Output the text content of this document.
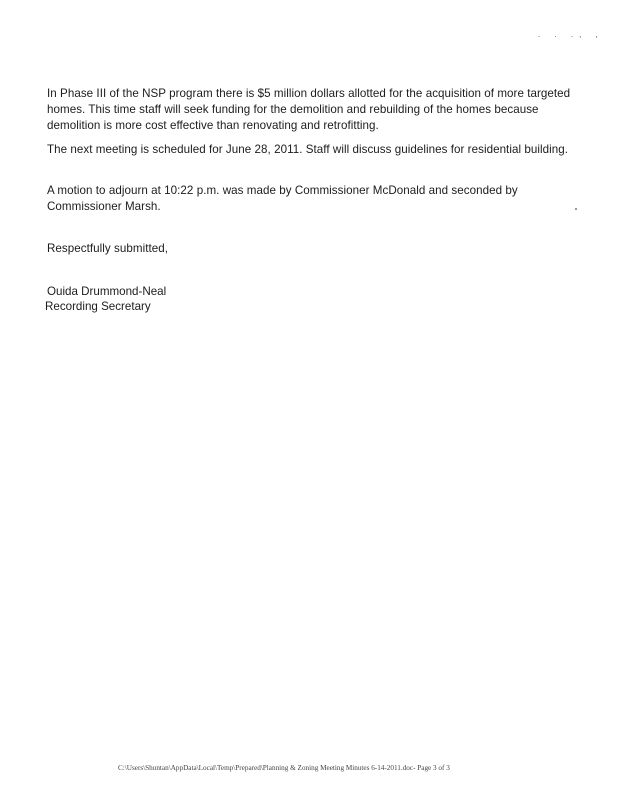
. . ., ,

In Phase III of the NSP program there is $5 million dollars allotted for the acquisition of more targeted homes. This time staff will seek funding for the demolition and rebuilding of the homes because demolition is more cost effective than renovating and retrofitting.

The next meeting is scheduled for June 28, 2011. Staff will discuss guidelines for residential building.

A motion to adjourn at 10:22 p.m. was made by Commissioner McDonald and seconded by Commissioner Marsh.

Respectfully submitted,

Ouida Drummond-Neal

Recording Secretary

C:\Users\Shuntan\AppData\Local\Temp\Prepared\Planning & Zoning Meeting Minutes 6-14-2011.doc- Page 3 of 3
